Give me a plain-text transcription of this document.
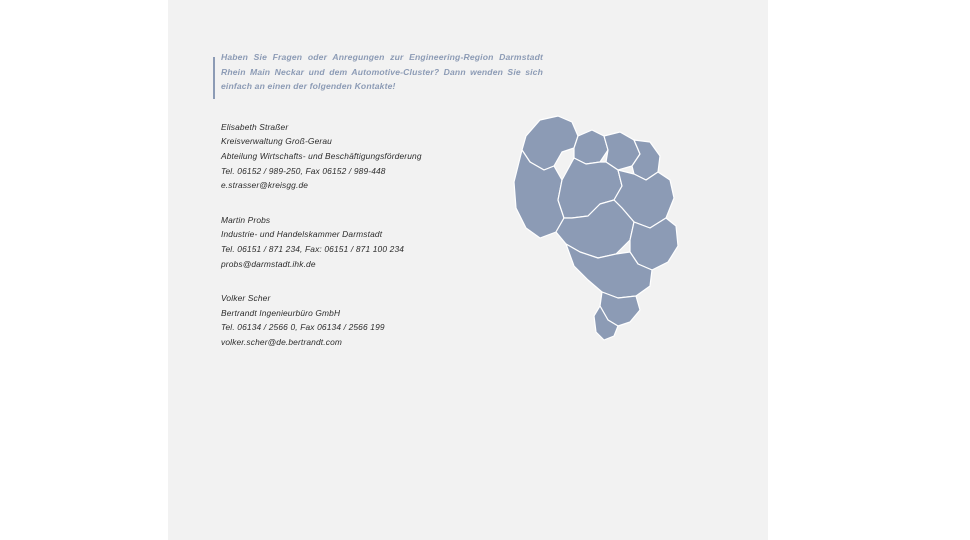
Haben Sie Fragen oder Anregungen zur Engineering-Region Darmstadt Rhein Main Neckar und dem Automotive-Cluster? Dann wenden Sie sich einfach an einen der folgenden Kontakte!

Elisabeth Straßer
Kreisverwaltung Groß-Gerau
Abteilung Wirtschafts- und Beschäftigungsförderung
Tel. 06152 / 989-250, Fax 06152 / 989-448
e.strasser@kreisgg.de
Martin Probs
Industrie- und Handelskammer Darmstadt
Tel. 06151 / 871 234, Fax: 06151 / 871 100 234
probs@darmstadt.ihk.de
Volker Scher
Bertrandt Ingenieurbüro GmbH
Tel. 06134 / 2566 0, Fax 06134 / 2566 199
volker.scher@de.bertrandt.com
